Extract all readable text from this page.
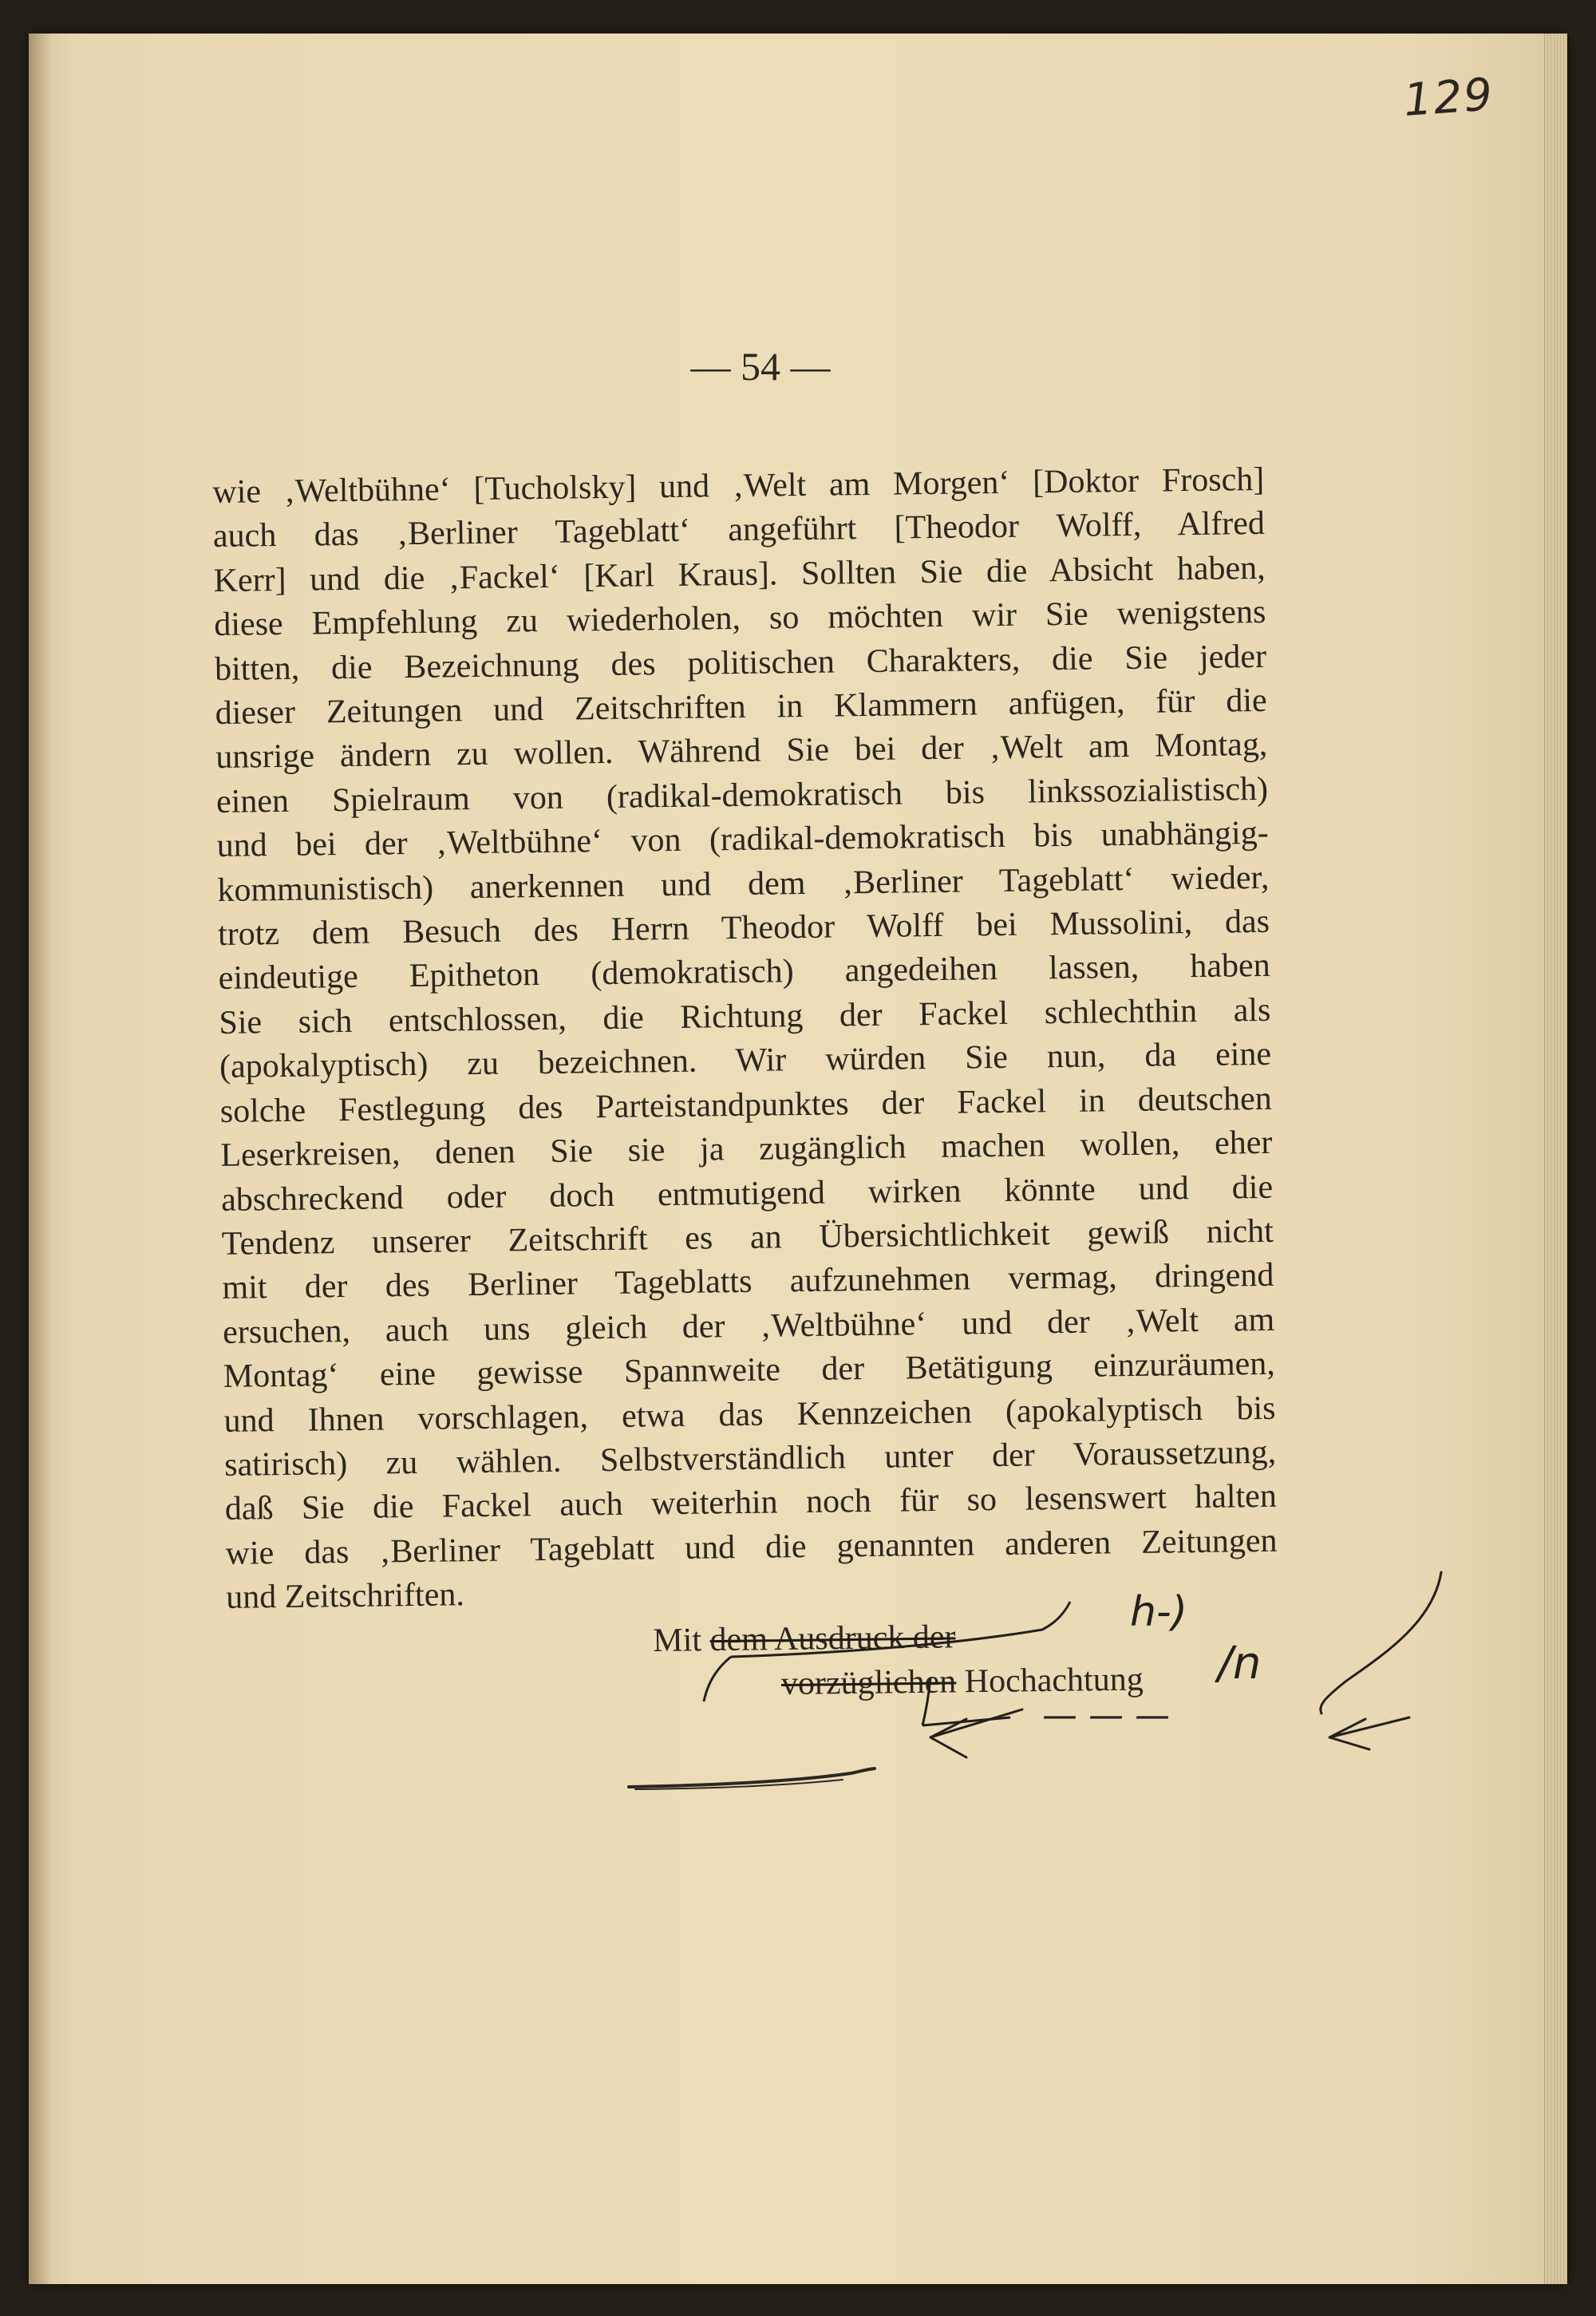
129
— 54 —
wie ‚Weltbühne‘ [Tucholsky] und ‚Welt am Morgen‘ [Doktor Frosch]
auch das ‚Berliner Tageblatt‘ angeführt [Theodor Wolff, Alfred
Kerr] und die ‚Fackel‘ [Karl Kraus]. Sollten Sie die Absicht haben,
diese Empfehlung zu wiederholen, so möchten wir Sie wenigstens
bitten, die Bezeichnung des politischen Charakters, die Sie jeder
dieser Zeitungen und Zeitschriften in Klammern anfügen, für die
unsrige ändern zu wollen. Während Sie bei der ‚Welt am Montag,
einen Spielraum von (radikal-demokratisch bis linkssozialistisch)
und bei der ‚Weltbühne‘ von (radikal-demokratisch bis unabhängig-
kommunistisch) anerkennen und dem ‚Berliner Tageblatt‘ wieder,
trotz dem Besuch des Herrn Theodor Wolff bei Mussolini, das
eindeutige Epitheton (demokratisch) angedeihen lassen, haben
Sie sich entschlossen, die Richtung der Fackel schlechthin als
(apokalyptisch) zu bezeichnen. Wir würden Sie nun, da eine
solche Festlegung des Parteistandpunktes der Fackel in deutschen
Leserkreisen, denen Sie sie ja zugänglich machen wollen, eher
abschreckend oder doch entmutigend wirken könnte und die
Tendenz unserer Zeitschrift es an Übersichtlichkeit gewiß nicht
mit der des Berliner Tageblatts aufzunehmen vermag, dringend
ersuchen, auch uns gleich der ‚Weltbühne‘ und der ‚Welt am
Montag‘ eine gewisse Spannweite der Betätigung einzuräumen,
und Ihnen vorschlagen, etwa das Kennzeichen (apokalyptisch bis
satirisch) zu wählen. Selbstverständlich unter der Voraussetzung,
daß Sie die Fackel auch weiterhin noch für so lesenswert halten
wie das ‚Berliner Tageblatt und die genannten anderen Zeitungen
und Zeitschriften.
Mit dem Ausdruck der
vorzüglichen Hochachtung
h-)
/n
— — —
